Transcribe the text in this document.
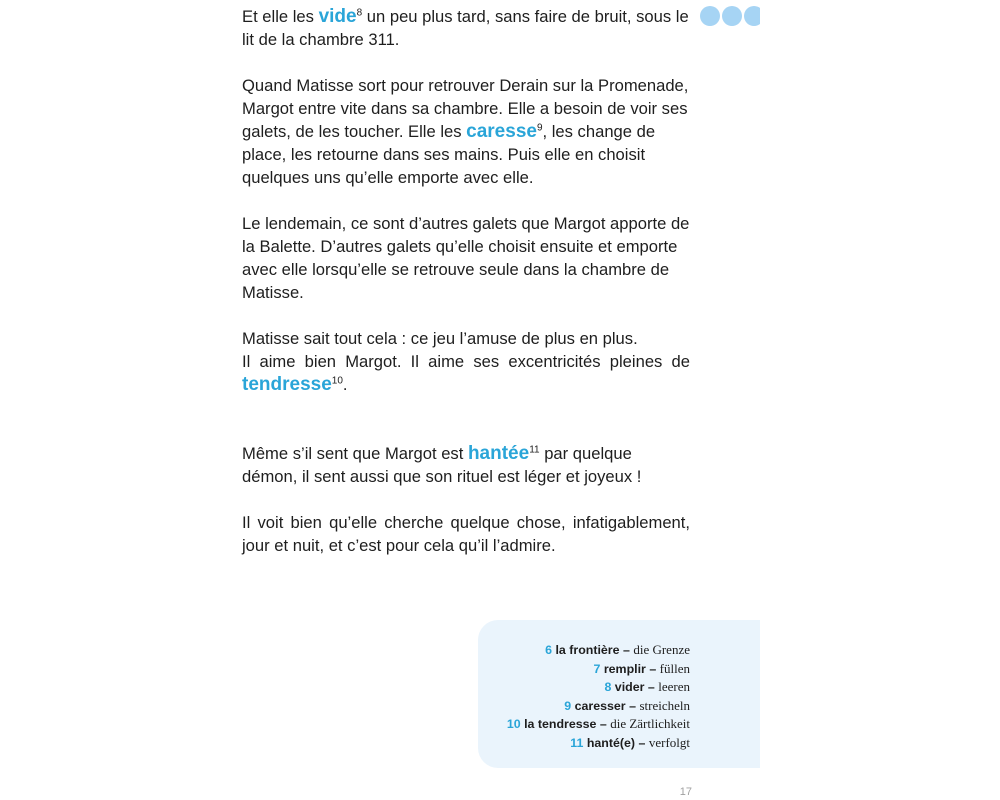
Et elle les vide$^8$ un peu plus tard, sans faire de bruit, sous le lit de la chambre 311.

Quand Matisse sort pour retrouver Derain sur la Promenade, Margot entre vite dans sa chambre. Elle a besoin de voir ses galets, de les toucher. Elle les caresse$^9$, les change de place, les retourne dans ses mains. Puis elle en choisit quelques uns qu’elle emporte avec elle.

Le lendemain, ce sont d’autres galets que Margot apporte de la Balette. D’autres galets qu’elle choisit ensuite et emporte avec elle lorsqu’elle se retrouve seule dans la chambre de Matisse.

Matisse sait tout cela : ce jeu l’amuse de plus en plus.

Il aime bien Margot. Il aime ses excentricités pleines de tendresse$^{10}$.

Même s’il sent que Margot est hantée$^{11}$ par quelque démon, il sent aussi que son rituel est léger et joyeux !

Il voit bien qu’elle cherche quelque chose, infatigablement, jour et nuit, et c’est pour cela qu’il l’admire.

6 la frontière – die Grenze
7 remplir – füllen
8 vider – leeren
9 caresser – streicheln
10 la tendresse – die Zärtlichkeit
11 hanté(e) – verfolgt
17
